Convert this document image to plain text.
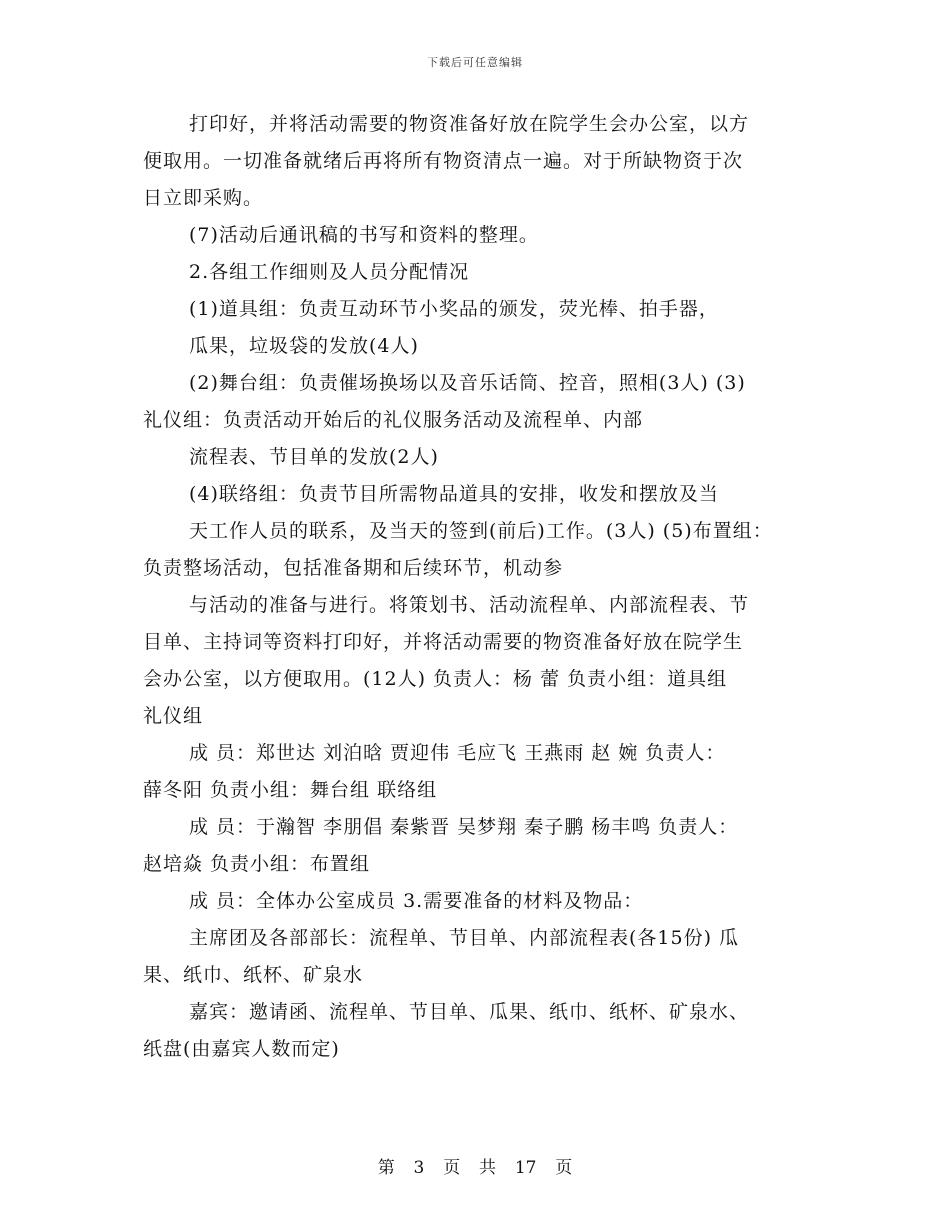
下载后可任意编辑
打印好，并将活动需要的物资准备好放在院学生会办公室，以方
便取用。一切准备就绪后再将所有物资清点一遍。对于所缺物资于次
日立即采购。
(7)活动后通讯稿的书写和资料的整理。
2.各组工作细则及人员分配情况
(1)道具组：负责互动环节小奖品的颁发，荧光棒、拍手器，
瓜果，垃圾袋的发放(4人)
(2)舞台组：负责催场换场以及音乐话筒、控音，照相(3人) (3)
礼仪组：负责活动开始后的礼仪服务活动及流程单、内部
流程表、节目单的发放(2人)
(4)联络组：负责节目所需物品道具的安排，收发和摆放及当
天工作人员的联系，及当天的签到(前后)工作。(3人) (5)布置组：
负责整场活动，包括准备期和后续环节，机动参
与活动的准备与进行。将策划书、活动流程单、内部流程表、节
目单、主持词等资料打印好，并将活动需要的物资准备好放在院学生
会办公室，以方便取用。(12人) 负责人：杨 蕾 负责小组：道具组
礼仪组
成 员：郑世达 刘泊晗 贾迎伟 毛应飞 王燕雨 赵 婉 负责人：
薛冬阳 负责小组：舞台组 联络组
成 员：于瀚智 李朋倡 秦紫晋 吴梦翔 秦子鹏 杨丰鸣 负责人：
赵培焱 负责小组：布置组
成 员：全体办公室成员 3.需要准备的材料及物品：
主席团及各部部长：流程单、节目单、内部流程表(各15份) 瓜
果、纸巾、纸杯、矿泉水
嘉宾：邀请函、流程单、节目单、瓜果、纸巾、纸杯、矿泉水、
纸盘(由嘉宾人数而定)
第 3 页 共 17 页
